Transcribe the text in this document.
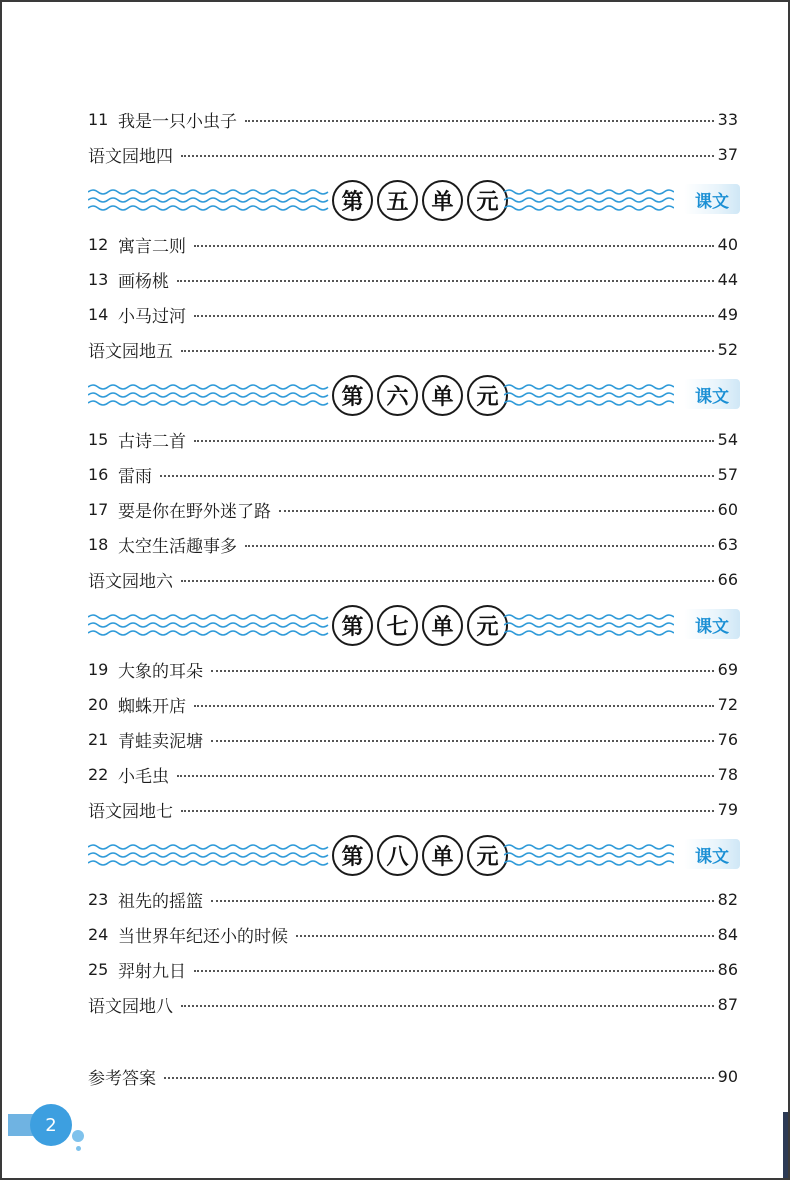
11 我是一只小虫子	33
语文园地四	37
第	五	单	元	课文
12 寓言二则	40
13 画杨桃	44
14 小马过河	49
语文园地五	52
第	六	单	元	课文
15 古诗二首	54
16 雷雨	57
17 要是你在野外迷了路	60
18 太空生活趣事多	63
语文园地六	66
第	七	单	元	课文
19 大象的耳朵	69
20 蜘蛛开店	72
21 青蛙卖泥塘	76
22 小毛虫	78
语文园地七	79
第	八	单	元	课文
23 祖先的摇篮	82
24 当世界年纪还小的时候	84
25 羿射九日	86
语文园地八	87
参考答案	90
2
